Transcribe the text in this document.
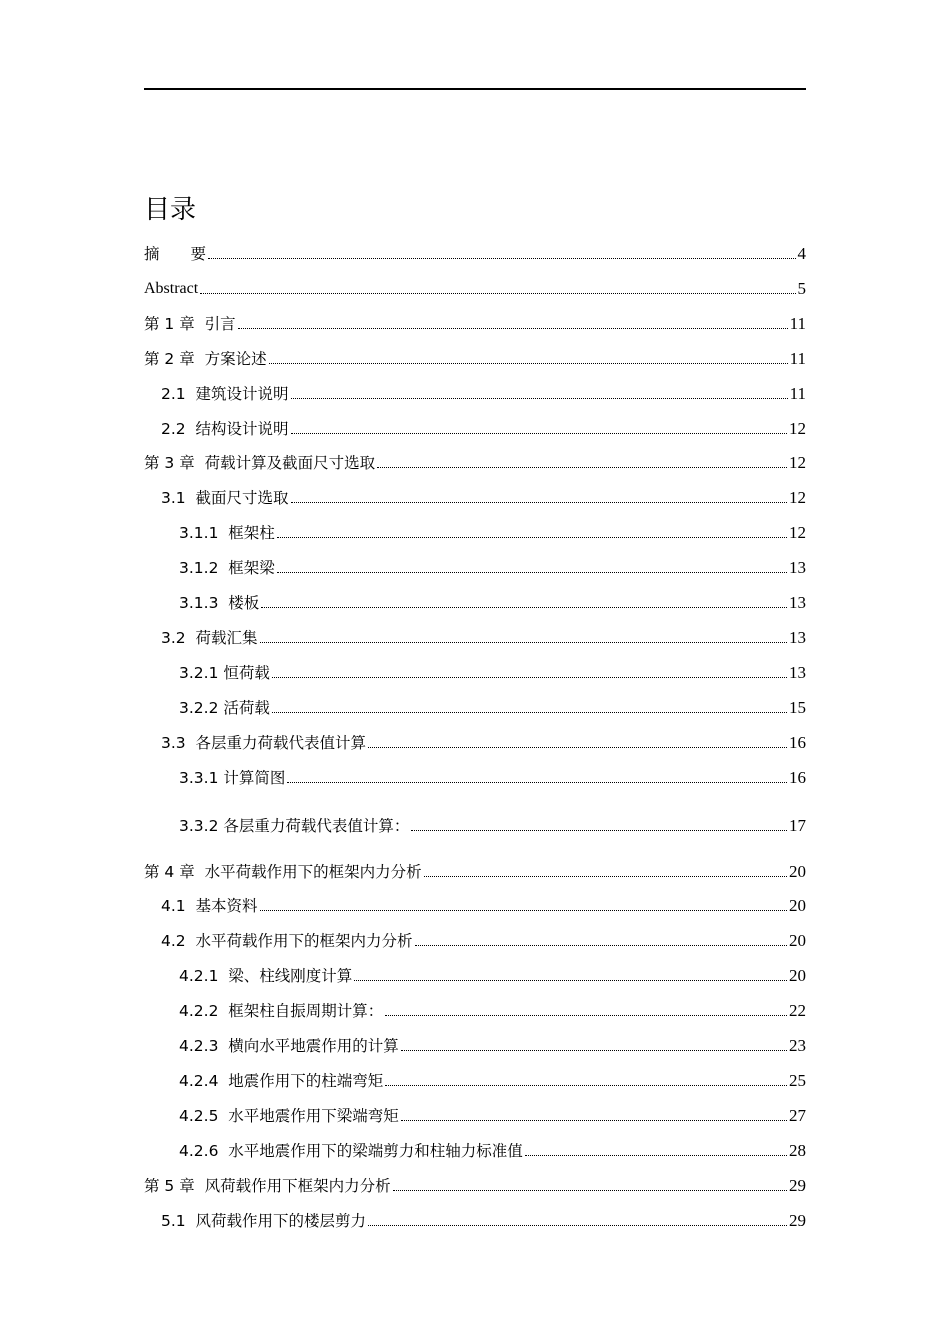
目录
摘　　要	4
Abstract	5
第 1 章  引言	11
第 2 章  方案论述	11
2.1  建筑设计说明	11
2.2  结构设计说明	12
第 3 章  荷载计算及截面尺寸选取	12
3.1  截面尺寸选取	12
3.1.1  框架柱	12
3.1.2  框架梁	13
3.1.3  楼板	13
3.2  荷载汇集	13
3.2.1 恒荷载	13
3.2.2 活荷载	15
3.3  各层重力荷载代表值计算	16
3.3.1 计算简图	16
3.3.2 各层重力荷载代表值计算：	17
第 4 章  水平荷载作用下的框架内力分析	20
4.1  基本资料	20
4.2  水平荷载作用下的框架内力分析	20
4.2.1  梁、柱线刚度计算	20
4.2.2  框架柱自振周期计算：	22
4.2.3  横向水平地震作用的计算	23
4.2.4  地震作用下的柱端弯矩	25
4.2.5  水平地震作用下梁端弯矩	27
4.2.6  水平地震作用下的梁端剪力和柱轴力标准值	28
第 5 章  风荷载作用下框架内力分析	29
5.1  风荷载作用下的楼层剪力	29
